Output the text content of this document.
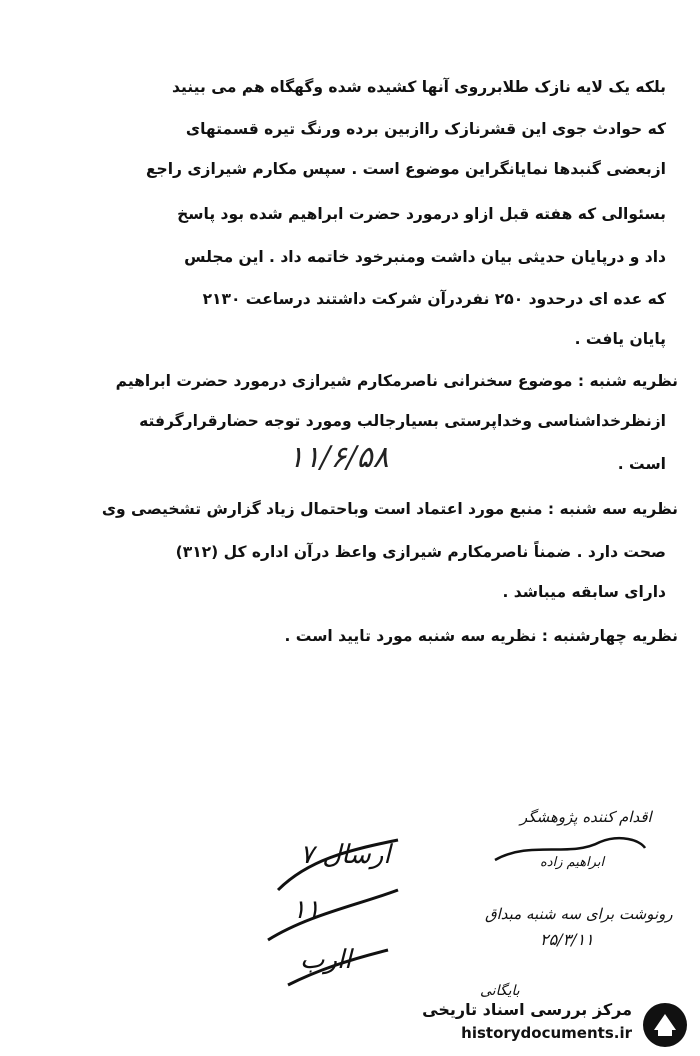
بلکه یک لایه نازک طلابرروی آنها کشیده شده وگهگاه هم می بینید
که حوادث جوی این قشرنازک راازبین برده ورنگ تیره قسمتهای
ازبعضی گنبدها نمایانگراین موضوع است . سپس مکارم شیرازی راجع
بسئوالی که هفته قبل ازاو درمورد حضرت ابراهیم شده بود پاسخ
داد و درپایان حدیثی بیان داشت ومنبرخود خاتمه داد . این مجلس
که عده ای درحدود ۲۵۰ نفردرآن شرکت داشتند درساعت ۲۱۳۰
پایان یافت .
نظریه شنبه : موضوع سخنرانی ناصرمکارم شیرازی درمورد حضرت ابراهیم
ازنظرخداشناسی وخداپرستی بسیارجالب ومورد توجه حضارقرارگرفته
است .
۱۱/۶/۵۸
نظریه سه شنبه : منبع مورد اعتماد است وباحتمال زیاد گزارش تشخیصی وی
صحت دارد . ضمناً ناصرمکارم شیرازی واعظ درآن اداره کل (۳۱۲)
دارای سابقه میباشد .
نظریه چهارشنبه : نظریه سه شنبه مورد تایید است .
ارسال ۷
۱۱
اارب
اقدام کننده پژوهشگر
ابراهیم زاده
رونوشت برای سه شنبه مبداق
۲۵/۳/۱۱
بایگانی
مرکز بررسی اسناد تاریخی
historydocuments.ir
